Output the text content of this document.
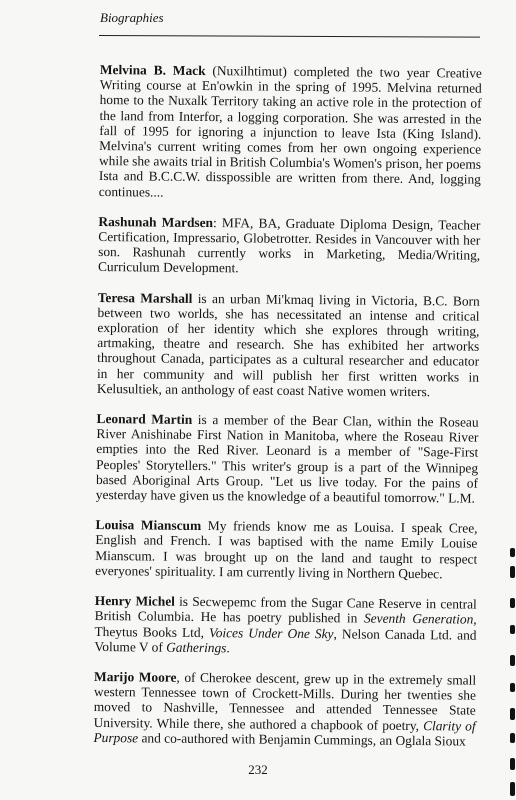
Biographies

Melvina B. Mack (Nuxilhtimut) completed the two year Creative Writing course at En'owkin in the spring of 1995. Melvina returned home to the Nuxalk Territory taking an active role in the protection of the land from Interfor, a logging corporation. She was arrested in the fall of 1995 for ignoring a injunction to leave Ista (King Island). Melvina's current writing comes from her own ongoing experience while she awaits trial in British Columbia's Women's prison, her poems Ista and B.C.C.W. disspossible are written from there. And, logging continues....

Rashunah Mardsen: MFA, BA, Graduate Diploma Design, Teacher Certification, Impressario, Globetrotter. Resides in Vancouver with her son. Rashunah currently works in Marketing, Media/Writing, Curriculum Development.

Teresa Marshall is an urban Mi'kmaq living in Victoria, B.C. Born between two worlds, she has necessitated an intense and critical exploration of her identity which she explores through writing, artmaking, theatre and research. She has exhibited her artworks throughout Canada, participates as a cultural researcher and educator in her community and will publish her first written works in Kelusultiek, an anthology of east coast Native women writers.

Leonard Martin is a member of the Bear Clan, within the Roseau River Anishinabe First Nation in Manitoba, where the Roseau River empties into the Red River. Leonard is a member of "Sage-First Peoples' Storytellers." This writer's group is a part of the Winnipeg based Aboriginal Arts Group. "Let us live today. For the pains of yesterday have given us the knowledge of a beautiful tomorrow." L.M.

Louisa Mianscum My friends know me as Louisa. I speak Cree, English and French. I was baptised with the name Emily Louise Mianscum. I was brought up on the land and taught to respect everyones' spirituality. I am currently living in Northern Quebec.

Henry Michel is Secwepemc from the Sugar Cane Reserve in central British Columbia. He has poetry published in Seventh Generation, Theytus Books Ltd, Voices Under One Sky, Nelson Canada Ltd. and Volume V of Gatherings.

Marijo Moore, of Cherokee descent, grew up in the extremely small western Tennessee town of Crockett-Mills. During her twenties she moved to Nashville, Tennessee and attended Tennessee State University. While there, she authored a chapbook of poetry, Clarity of Purpose and co-authored with Benjamin Cummings, an Oglala Sioux

232
